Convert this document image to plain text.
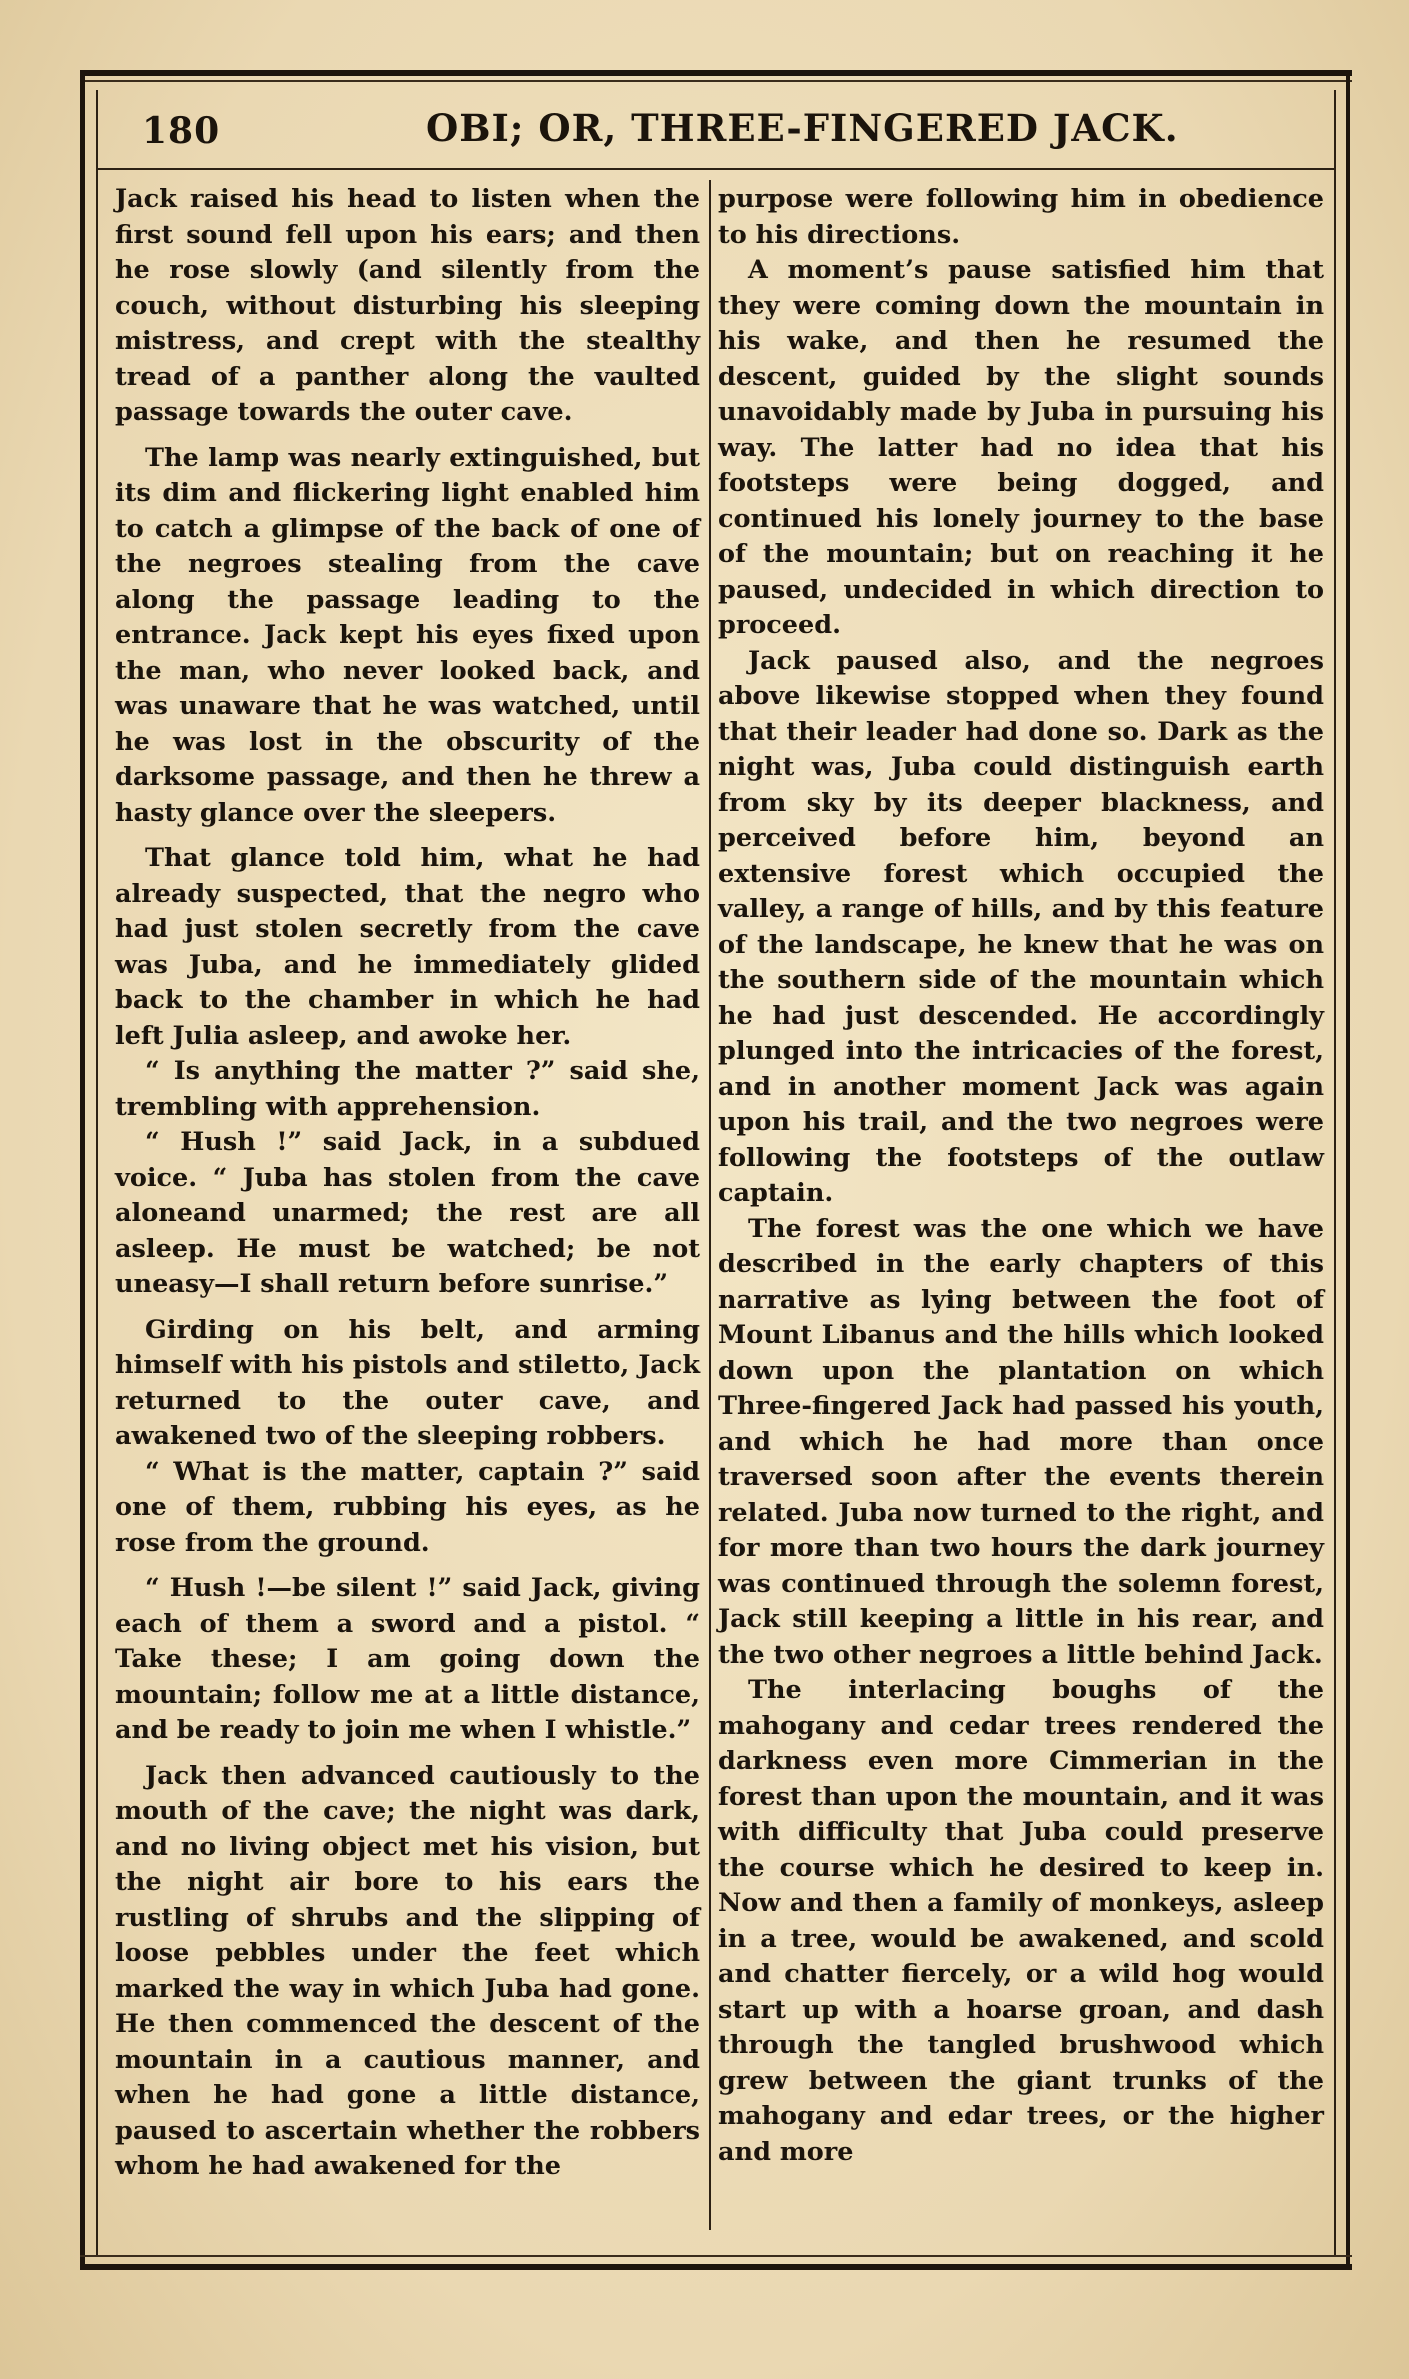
180	OBI; OR, THREE-FINGERED JACK.

Jack raised his head to listen when the first sound fell upon his ears; and then he rose slowly (and silently from the couch, without disturbing his sleeping mistress, and crept with the stealthy tread of a panther along the vaulted passage towards the outer cave.

The lamp was nearly extinguished, but its dim and flickering light enabled him to catch a glimpse of the back of one of the negroes stealing from the cave along the passage leading to the entrance. Jack kept his eyes fixed upon the man, who never looked back, and was unaware that he was watched, until he was lost in the obscurity of the darksome passage, and then he threw a hasty glance over the sleepers.

That glance told him, what he had already suspected, that the negro who had just stolen secretly from the cave was Juba, and he immediately glided back to the chamber in which he had left Julia asleep, and awoke her.

“ Is anything the matter ?” said she, trembling with apprehension.

“ Hush !” said Jack, in a subdued voice. “ Juba has stolen from the cave aloneand unarmed; the rest are all asleep. He must be watched; be not uneasy—I shall return before sunrise.”

Girding on his belt, and arming himself with his pistols and stiletto, Jack returned to the outer cave, and awakened two of the sleeping robbers.

“ What is the matter, captain ?” said one of them, rubbing his eyes, as he rose from the ground.

“ Hush !—be silent !” said Jack, giving each of them a sword and a pistol. “ Take these; I am going down the mountain; follow me at a little distance, and be ready to join me when I whistle.”

Jack then advanced cautiously to the mouth of the cave; the night was dark, and no living object met his vision, but the night air bore to his ears the rustling of shrubs and the slipping of loose pebbles under the feet which marked the way in which Juba had gone. He then commenced the descent of the mountain in a cautious manner, and when he had gone a little distance, paused to ascertain whether the robbers whom he had awakened for the

purpose were following him in obedience to his directions.

A moment’s pause satisfied him that they were coming down the mountain in his wake, and then he resumed the descent, guided by the slight sounds unavoidably made by Juba in pursuing his way. The latter had no idea that his footsteps were being dogged, and continued his lonely journey to the base of the mountain; but on reaching it he paused, undecided in which direction to proceed.

Jack paused also, and the negroes above likewise stopped when they found that their leader had done so. Dark as the night was, Juba could distinguish earth from sky by its deeper blackness, and perceived before him, beyond an extensive forest which occupied the valley, a range of hills, and by this feature of the landscape, he knew that he was on the southern side of the mountain which he had just descended. He accordingly plunged into the intricacies of the forest, and in another moment Jack was again upon his trail, and the two negroes were following the footsteps of the outlaw captain.

The forest was the one which we have described in the early chapters of this narrative as lying between the foot of Mount Libanus and the hills which looked down upon the plantation on which Three-fingered Jack had passed his youth, and which he had more than once traversed soon after the events therein related. Juba now turned to the right, and for more than two hours the dark journey was continued through the solemn forest, Jack still keeping a little in his rear, and the two other negroes a little behind Jack.

The interlacing boughs of the mahogany and cedar trees rendered the darkness even more Cimmerian in the forest than upon the mountain, and it was with difficulty that Juba could preserve the course which he desired to keep in. Now and then a family of monkeys, asleep in a tree, would be awakened, and scold and chatter fiercely, or a wild hog would start up with a hoarse groan, and dash through the tangled brushwood which grew between the giant trunks of the mahogany and edar trees, or the higher and more
